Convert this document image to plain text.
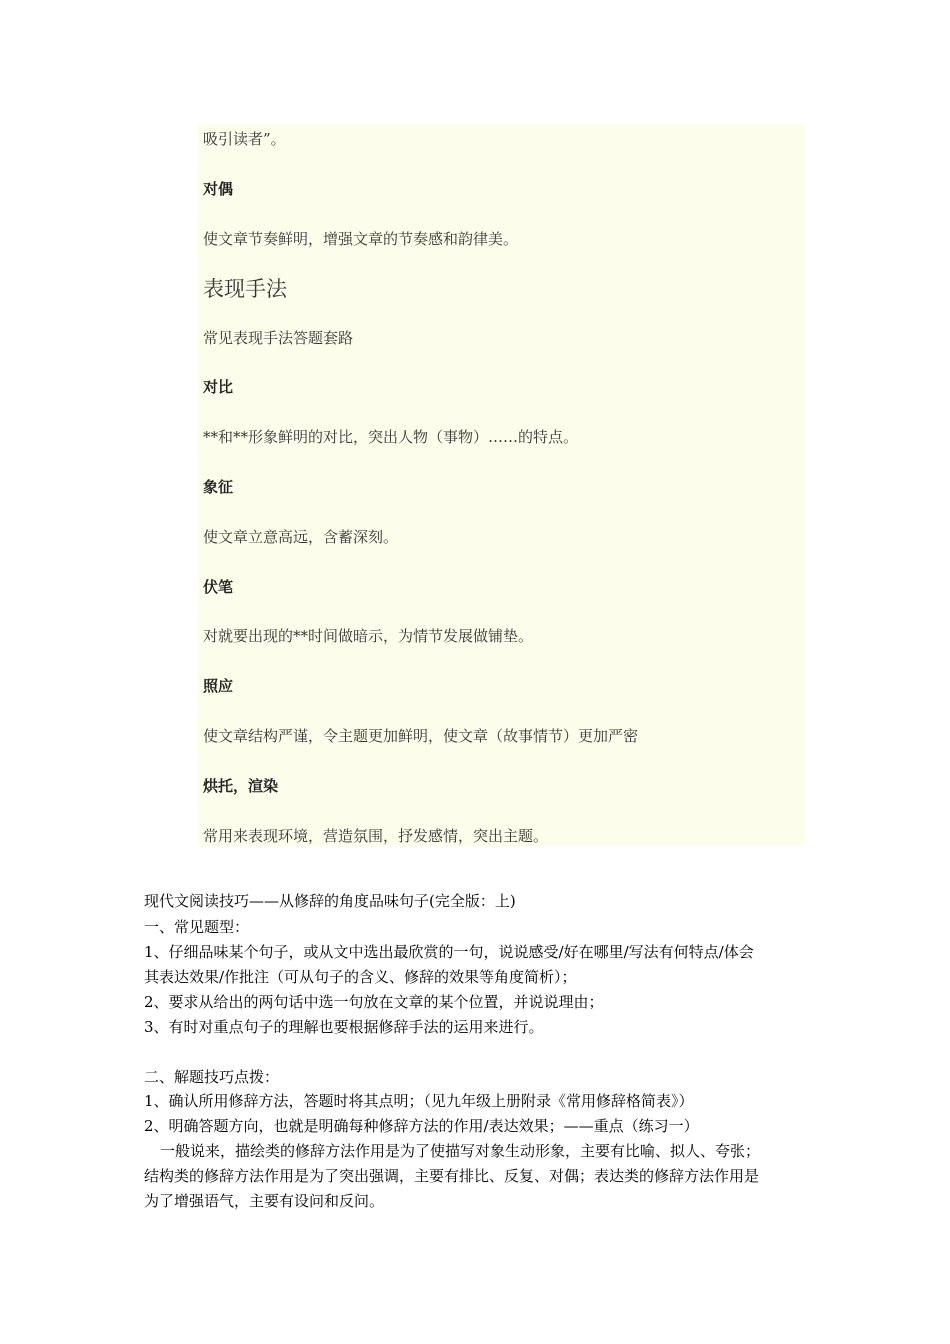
吸引读者”。
对偶
使文章节奏鲜明，增强文章的节奏感和韵律美。
表现手法
常见表现手法答题套路
对比
**和**形象鲜明的对比，突出人物（事物）……的特点。
象征
使文章立意高远，含蓄深刻。
伏笔
对就要出现的**时间做暗示，为情节发展做铺垫。
照应
使文章结构严谨，令主题更加鲜明，使文章（故事情节）更加严密
烘托，渲染
常用来表现环境，营造氛围，抒发感情，突出主题。
现代文阅读技巧——从修辞的角度品味句子(完全版：上)
一、常见题型：
1、仔细品味某个句子，或从文中选出最欣赏的一句，说说感受/好在哪里/写法有何特点/体会
其表达效果/作批注（可从句子的含义、修辞的效果等角度简析）；
2、要求从给出的两句话中选一句放在文章的某个位置，并说说理由；
3、有时对重点句子的理解也要根据修辞手法的运用来进行。
二、解题技巧点拨：
1、确认所用修辞方法，答题时将其点明；（见九年级上册附录《常用修辞格简表》）
2、明确答题方向，也就是明确每种修辞方法的作用/表达效果；——重点（练习一）
一般说来，描绘类的修辞方法作用是为了使描写对象生动形象，主要有比喻、拟人、夸张；
结构类的修辞方法作用是为了突出强调，主要有排比、反复、对偶；表达类的修辞方法作用是
为了增强语气，主要有设问和反问。
